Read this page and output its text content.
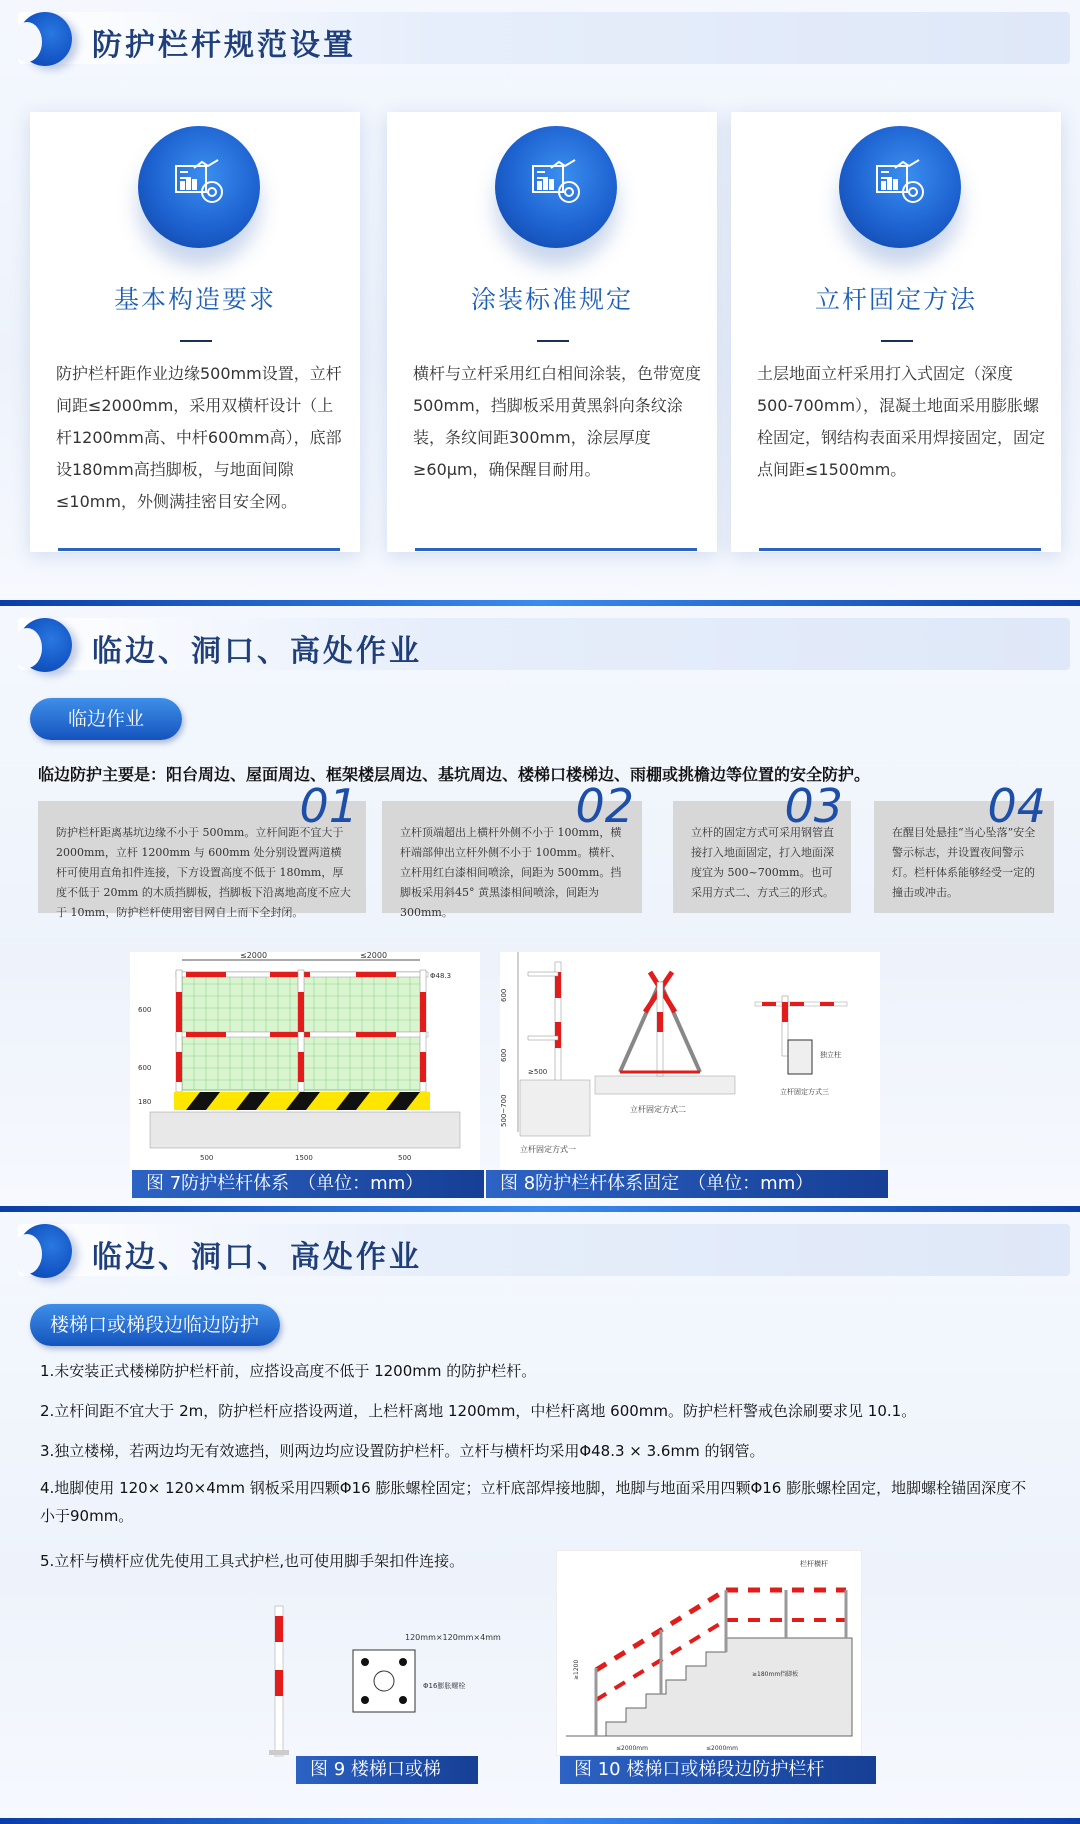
防护栏杆规范设置
基本构造要求
防护栏杆距作业边缘500mm设置，立杆间距≤2000mm，采用双横杆设计（上杆1200mm高、中杆600mm高），底部设180mm高挡脚板，与地面间隙≤10mm，外侧满挂密目安全网。
涂装标准规定
横杆与立杆采用红白相间涂装，色带宽度500mm，挡脚板采用黄黑斜向条纹涂装，条纹间距300mm，涂层厚度≥60μm，确保醒目耐用。
立杆固定方法
土层地面立杆采用打入式固定（深度500-700mm），混凝土地面采用膨胀螺栓固定，钢结构表面采用焊接固定，固定点间距≤1500mm。
临边、洞口、高处作业
临边作业
临边防护主要是：阳台周边、屋面周边、框架楼层周边、基坑周边、楼梯口楼梯边、雨棚或挑檐边等位置的安全防护。
01
防护栏杆距离基坑边缘不小于 500mm。立杆间距不宜大于 2000mm，立杆 1200mm 与 600mm 处分别设置两道横杆可使用直角扣件连接，下方设置高度不低于 180mm，厚度不低于 20mm 的木质挡脚板，挡脚板下沿离地高度不应大于 10mm，防护栏杆使用密目网自上而下全封闭。
02
立杆顶端超出上横杆外侧不小于 100mm，横杆端部伸出立杆外侧不小于 100mm。横杆、立杆用红白漆相间喷涂，间距为 500mm。挡脚板采用斜45° 黄黑漆相间喷涂，间距为 300mm。
03
立杆的固定方式可采用钢管直接打入地面固定，打入地面深度宜为 500~700mm。也可采用方式二、方式三的形式。
04
在醒目处悬挂“当心坠落”安全警示标志，并设置夜间警示灯。栏杆体系能够经受一定的撞击或冲击。
≤2000	≤2000
Φ48.3
600
600
180
500	1500	500
图 7防护栏杆体系　（单位：mm）
600
600
500~700
≥500
立杆固定方式一
立杆固定方式二
独立柱
立杆固定方式三
图 8防护栏杆体系固定　（单位：mm）
临边、洞口、高处作业
楼梯口或梯段边临边防护
1.未安装正式楼梯防护栏杆前，应搭设高度不低于 1200mm 的防护栏杆。
2.立杆间距不宜大于 2m，防护栏杆应搭设两道，上栏杆离地 1200mm，中栏杆离地 600mm。防护栏杆警戒色涂刷要求见 10.1。
3.独立楼梯，若两边均无有效遮挡，则两边均应设置防护栏杆。立杆与横杆均采用Φ48.3 × 3.6mm 的钢管。
4.地脚使用 120× 120×4mm 钢板采用四颗Φ16 膨胀螺栓固定；立杆底部焊接地脚，地脚与地面采用四颗Φ16 膨胀螺栓固定，地脚螺栓锚固深度不小于90mm。
5.立杆与横杆应优先使用工具式护栏,也可使用脚手架扣件连接。
120mm×120mm×4mm
Φ16膨胀螺栓
图 9 楼梯口或梯
栏杆横杆
≥180mm挡脚板
≥1200
≤2000mm	≤2000mm
图 10 楼梯口或梯段边防护栏杆
